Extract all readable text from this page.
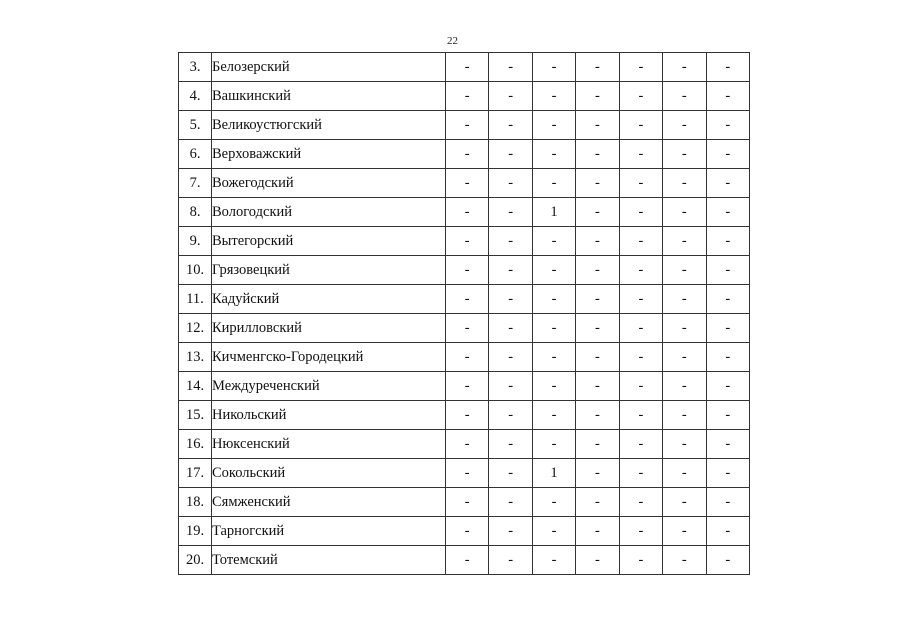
22
3.	Белозерский	-	-	-	-	-	-	-
4.	Вашкинский	-	-	-	-	-	-	-
5.	Великоустюгский	-	-	-	-	-	-	-
6.	Верховажский	-	-	-	-	-	-	-
7.	Вожегодский	-	-	-	-	-	-	-
8.	Вологодский	-	-	1	-	-	-	-
9.	Вытегорский	-	-	-	-	-	-	-
10.	Грязовецкий	-	-	-	-	-	-	-
11.	Кадуйский	-	-	-	-	-	-	-
12.	Кирилловский	-	-	-	-	-	-	-
13.	Кичменгско-Городецкий	-	-	-	-	-	-	-
14.	Междуреченский	-	-	-	-	-	-	-
15.	Никольский	-	-	-	-	-	-	-
16.	Нюксенский	-	-	-	-	-	-	-
17.	Сокольский	-	-	1	-	-	-	-
18.	Сямженский	-	-	-	-	-	-	-
19.	Тарногский	-	-	-	-	-	-	-
20.	Тотемский	-	-	-	-	-	-	-
